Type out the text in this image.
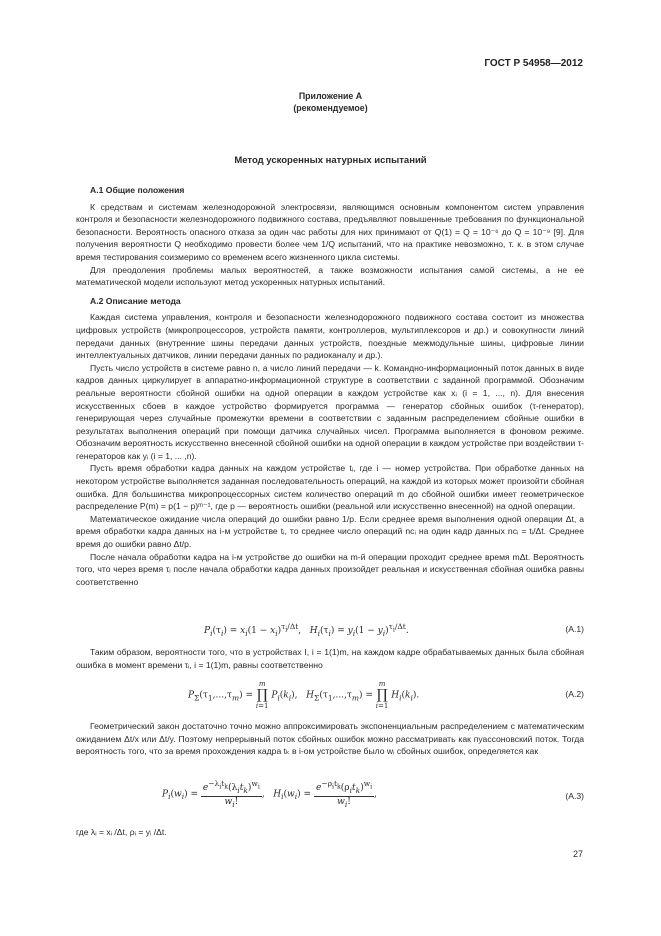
ГОСТ Р 54958—2012
Приложение А
(рекомендуемое)
Метод ускоренных натурных испытаний

А.1 Общие положения

К средствам и системам железнодорожной электросвязи, являющимся основным компонентом систем управления контроля и безопасности железнодорожного подвижного состава, предъявляют повышенные требования по функциональной безопасности. Вероятность опасного отказа за один час работы для них принимают от Q(1) = Q = 10⁻⁶ до Q = 10⁻⁹ [9]. Для получения вероятности Q необходимо провести более чем 1/Q испытаний, что на практике невозможно, т. к. в этом случае время тестирования соизмеримо со временем всего жизненного цикла системы.

Для преодоления проблемы малых вероятностей, а также возможности испытания самой системы, а не ее математической модели используют метод ускоренных натурных испытаний.

А.2 Описание метода

Каждая система управления, контроля и безопасности железнодорожного подвижного состава состоит из множества цифровых устройств (микропроцессоров, устройств памяти, контроллеров, мультиплексоров и др.) и совокупности линий передачи данных (внутренние шины передачи данных устройств, поездные межмодульные шины, цифровые линии интеллектуальных датчиков, линии передачи данных по радиоканалу и др.).

Пусть число устройств в системе равно n, а число линий передачи — k. Командно-информационный поток данных в виде кадров данных циркулирует в аппаратно-информационной структуре в соответствии с заданной программой. Обозначим реальные вероятности сбойной ошибки на одной операции в каждом устройстве как xᵢ (i = 1, ..., n). Для внесения искусственных сбоев в каждое устройство формируется программа — генератор сбойных ошибок (τ-генератор), генерирующая через случайные промежутки времени в соответствии с заданным распределением сбойные ошибки в результатах выполнения операций при помощи датчика случайных чисел. Программа выполняется в фоновом режиме. Обозначим вероятность искусственно внесенной сбойной ошибки на одной операции в каждом устройстве при воздействии τ-генераторов как yᵢ (i = 1, ... ,n).

Пусть время обработки кадра данных на каждом устройстве tᵢ, где i — номер устройства. При обработке данных на некотором устройстве выполняется заданная последовательность операций, на каждой из которых может произойти сбойная ошибка. Для большинства микропроцессорных систем количество операций m до сбойной ошибки имеет геометрическое распределение P(m) = p(1 − p)ᵐ⁻¹, где p — вероятность ошибки (реальной или искусственно внесенной) на одной операции.

Математическое ожидание числа операций до ошибки равно 1/p. Если среднее время выполнения одной операции Δt, а время обработки кадра данных на i-м устройстве tᵢ, то среднее число операций nᴄᵢ на один кадр данных nᴄᵢ = tᵢ/Δt. Среднее время до ошибки равно Δt/p.

После начала обработки кадра на i-м устройстве до ошибки на m-й операции проходит среднее время mΔt. Вероятность того, что через время τᵢ после начала обработки кадра данных произойдет реальная и искусственная сбойная ошибка равны соответственно

$P_i(\tau_i) = x_i(1 - x_i)^{\tau_i/\Delta t}$,   $H_i(\tau_i) = y_i(1 - y_i)^{\tau_i/\Delta t}$.	(А.1)

Таким образом, вероятности того, что в устройствах I, i = 1(1)m, на каждом кадре обрабатываемых данных была сбойная ошибка в момент времени τᵢ, i = 1(1)m, равны соответственно

$P_\Sigma(\tau_1,...,\tau_m) = m$
∏
i=1 $P_i(k_i)$,   $H_\Sigma(\tau_1,...,\tau_m) = m$
∏
i=1 $H_i(k_i)$.	(А.2)

Геометрический закон достаточно точно можно аппроксимировать экспоненциальным распределением с математическим ожиданием Δt/x или Δt/y. Поэтому непрерывный поток сбойных ошибок можно рассматривать как пуассоновский поток. Тогда вероятность того, что за время прохождения кадра tₖ в i-ом устройстве было wᵢ сбойных ошибок, определяется как

$P_i(w_i) = \frac{e^{-\lambda_it_k}(\lambda_it_k)^{w_i}}{w_i!}$ ,   $H_i(w_i) = \frac{e^{-\rho_it_k}(\rho_it_k)^{w_i}}{w_i!}$ ,	(А.3)

где λᵢ = xᵢ /Δt, ρᵢ = yᵢ /Δt.

27
